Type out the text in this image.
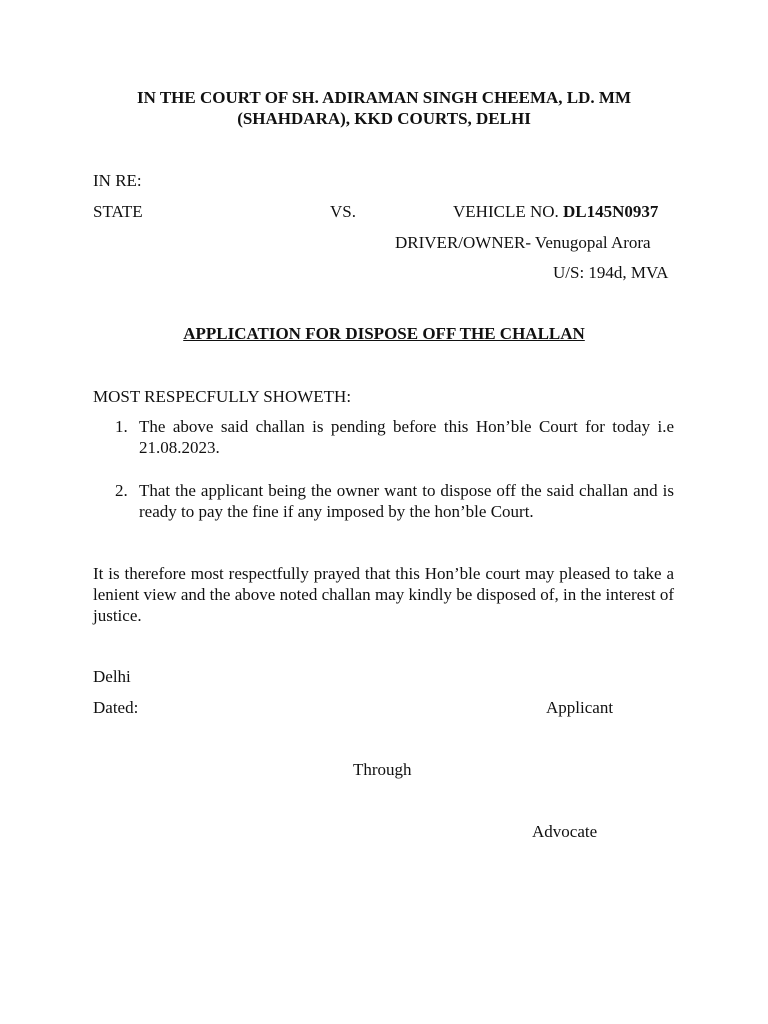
IN THE COURT OF SH. ADIRAMAN SINGH CHEEMA, LD. MM (SHAHDARA), KKD COURTS, DELHI
IN RE:
STATE	VS.	VEHICLE NO. DL145N0937
DRIVER/OWNER- Venugopal Arora
U/S: 194d, MVA
APPLICATION FOR DISPOSE OFF THE CHALLAN
MOST RESPECFULLY SHOWETH:
1. The above said challan is pending before this Hon’ble Court for today i.e 21.08.2023.
2. That the applicant being the owner want to dispose off the said challan and is ready to pay the fine if any imposed by the hon’ble Court.
It is therefore most respectfully prayed that this Hon’ble court may pleased to take a lenient view and the above noted challan may kindly be disposed of, in the interest of justice.
Delhi
Dated:	Applicant
Through
Advocate
